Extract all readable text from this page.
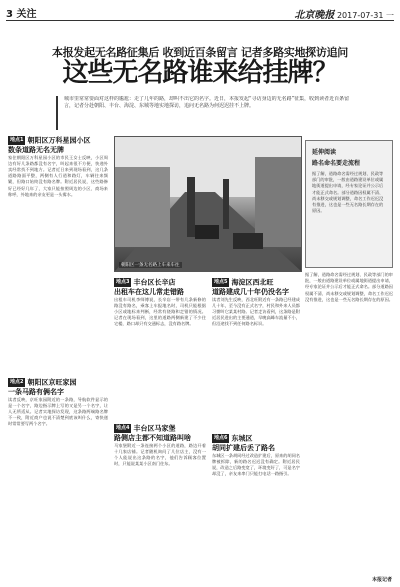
3 关注	北京晚报 2017-07-31 一
本报发起无名路征集后 收到近百条留言 记者多路实地探访追问
这些无名路谁来给挂牌？
城市里常常要面对这样的尴尬：走了几年的路，却叫不出它的名字。近日，本报发起“寻访身边的无名路”征集，收到读者近百条留言，记者分赴朝阳、丰台、海淀、东城等地实地探访，追问无名路为何迟迟挂不上牌。
地点1 朝阳区万科星园小区
数条道路无名无牌
家住朝阳区万科星园小区的市民王女士反映，小区周边有好几条路都没有名字，叫起来很不方便，快递外卖经常找不到地方。记者近日来到现场看到，这几条道路路面平整，两侧有人行道和路灯，车辆往来频繁，但路口始终没有路名牌。附近居民说，这些路修好已经好几年了，大家只能按照周边的小区、商场来称呼，外地来的亲友更是一头雾水。
地点2 朝阳区京旺家园
一条马路有俩名字
读者反映，京旺家园附近的一条路，导航软件显示的是一个名字，路边指示牌上写的又是另一个名字，让人无所适从。记者实地探访发现，这条路两端路名牌不一致，附近商户也说不清楚到底该叫什么，寄快递时常常要写两个名字。
朝阳区一条无名路上车来车往
延伸阅读
路名命名要走流程
据了解，道路命名需经过规划、民政等部门的审批，一般由道路建设单位或属地街道提出申请，经专家论证并公示后才能正式命名。部分道路因权属不清、尚未移交或规划调整，命名工作迟迟没有推进，这也是一些无名路长期存在的原因。
地点3 丰台区长辛店
出租车在这儿常走错路
出租车司机李师傅说，长辛店一带有几条新修的路没有路名，乘客上车报地名时，司机只能根据小区或地标来判断，经常有绕路和走错的情况。记者在现场看到，这里的道路两侧新建了不少住宅楼，路口却只有交通标志，没有路名牌。
地点4 丰台区马家堡
路侧店主都不知道路叫啥
马家堡附近一条连接两个小区的道路，路边开着十几家店铺。记者随机询问了几位店主，没有一个人能说出这条路的名字，他们告诉顾客位置时，只能说某某小区南门往东。
地点5 海淀区西北旺
道路建成几十年仍没名字
读者刘先生反映，西北旺附近有一条路已经建成几十年，至今没有正式名字，村民和外来人员都习惯叫它某某村路。记者走访看到，这条路是附近居民进出的主要通道，早晚高峰车流量不小，但沿途找不到任何路名标识。
地点6 东城区
胡同扩建后丢了路名
东城区一条胡同经过改造扩建后，原来的胡同名牌被拆除，新的路名迟迟没有确定。附近居民说，改造之后路变宽了，环境变好了，可是名字却没了，亲友来串门只能打电话一路指引。
据了解，道路命名需经过规划、民政等部门的审批，一般由道路建设单位或属地街道提出申请，经专家论证并公示后才能正式命名。部分道路因权属不清、尚未移交或规划调整，命名工作迟迟没有推进，这也是一些无名路长期存在的原因。
本报记者
